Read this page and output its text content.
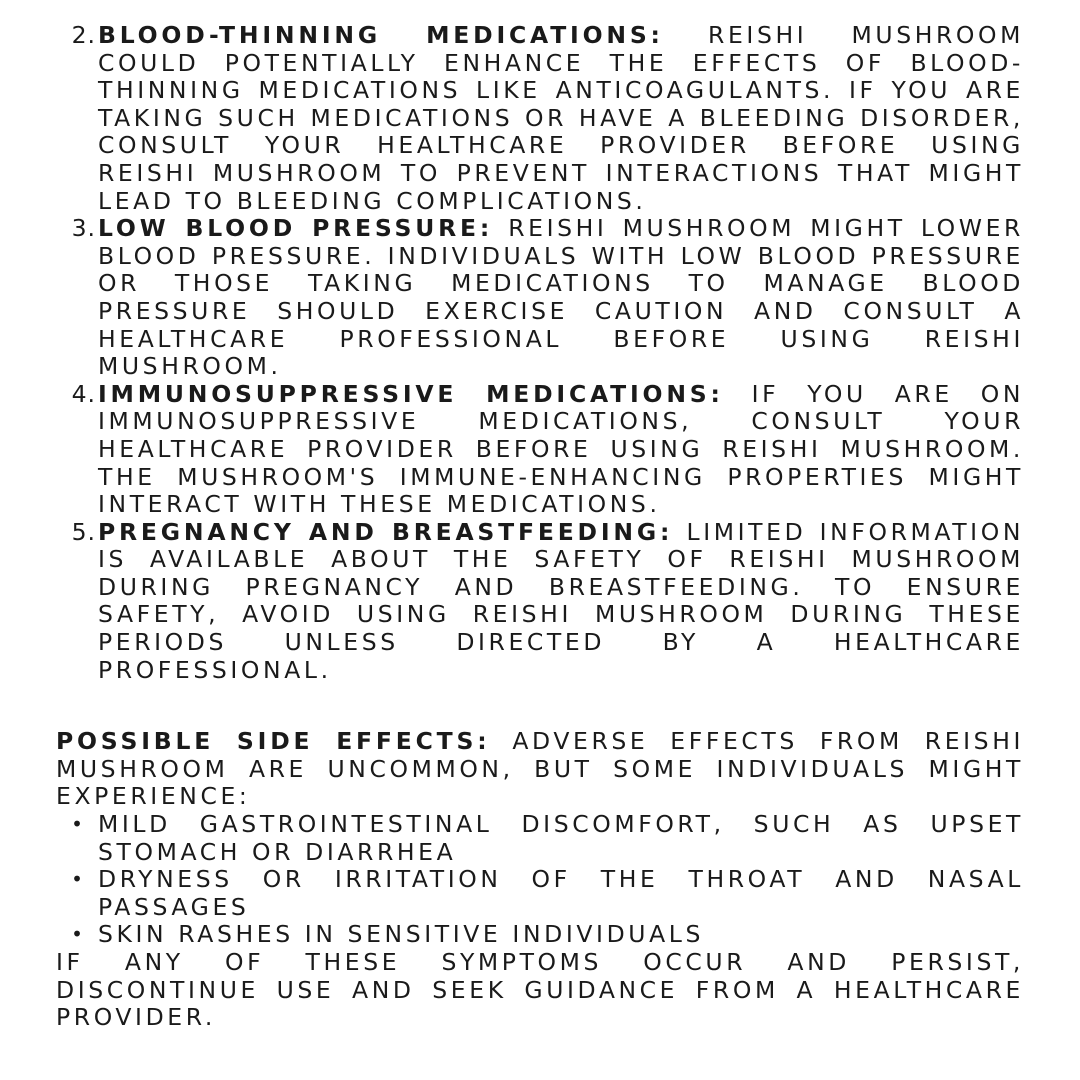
2. BLOOD-THINNING MEDICATIONS: REISHI MUSHROOM COULD POTENTIALLY ENHANCE THE EFFECTS OF BLOOD-THINNING MEDICATIONS LIKE ANTICOAGULANTS. IF YOU ARE TAKING SUCH MEDICATIONS OR HAVE A BLEEDING DISORDER, CONSULT YOUR HEALTHCARE PROVIDER BEFORE USING REISHI MUSHROOM TO PREVENT INTERACTIONS THAT MIGHT LEAD TO BLEEDING COMPLICATIONS.

3. LOW BLOOD PRESSURE: REISHI MUSHROOM MIGHT LOWER BLOOD PRESSURE. INDIVIDUALS WITH LOW BLOOD PRESSURE OR THOSE TAKING MEDICATIONS TO MANAGE BLOOD PRESSURE SHOULD EXERCISE CAUTION AND CONSULT A HEALTHCARE PROFESSIONAL BEFORE USING REISHI MUSHROOM.

4. IMMUNOSUPPRESSIVE MEDICATIONS: IF YOU ARE ON IMMUNOSUPPRESSIVE MEDICATIONS, CONSULT YOUR HEALTHCARE PROVIDER BEFORE USING REISHI MUSHROOM. THE MUSHROOM'S IMMUNE-ENHANCING PROPERTIES MIGHT INTERACT WITH THESE MEDICATIONS.

5. PREGNANCY AND BREASTFEEDING: LIMITED INFORMATION IS AVAILABLE ABOUT THE SAFETY OF REISHI MUSHROOM DURING PREGNANCY AND BREASTFEEDING. TO ENSURE SAFETY, AVOID USING REISHI MUSHROOM DURING THESE PERIODS UNLESS DIRECTED BY A HEALTHCARE PROFESSIONAL.

POSSIBLE SIDE EFFECTS: ADVERSE EFFECTS FROM REISHI MUSHROOM ARE UNCOMMON, BUT SOME INDIVIDUALS MIGHT EXPERIENCE:

• MILD GASTROINTESTINAL DISCOMFORT, SUCH AS UPSET STOMACH OR DIARRHEA

• DRYNESS OR IRRITATION OF THE THROAT AND NASAL PASSAGES

• SKIN RASHES IN SENSITIVE INDIVIDUALS

IF ANY OF THESE SYMPTOMS OCCUR AND PERSIST, DISCONTINUE USE AND SEEK GUIDANCE FROM A HEALTHCARE PROVIDER.
